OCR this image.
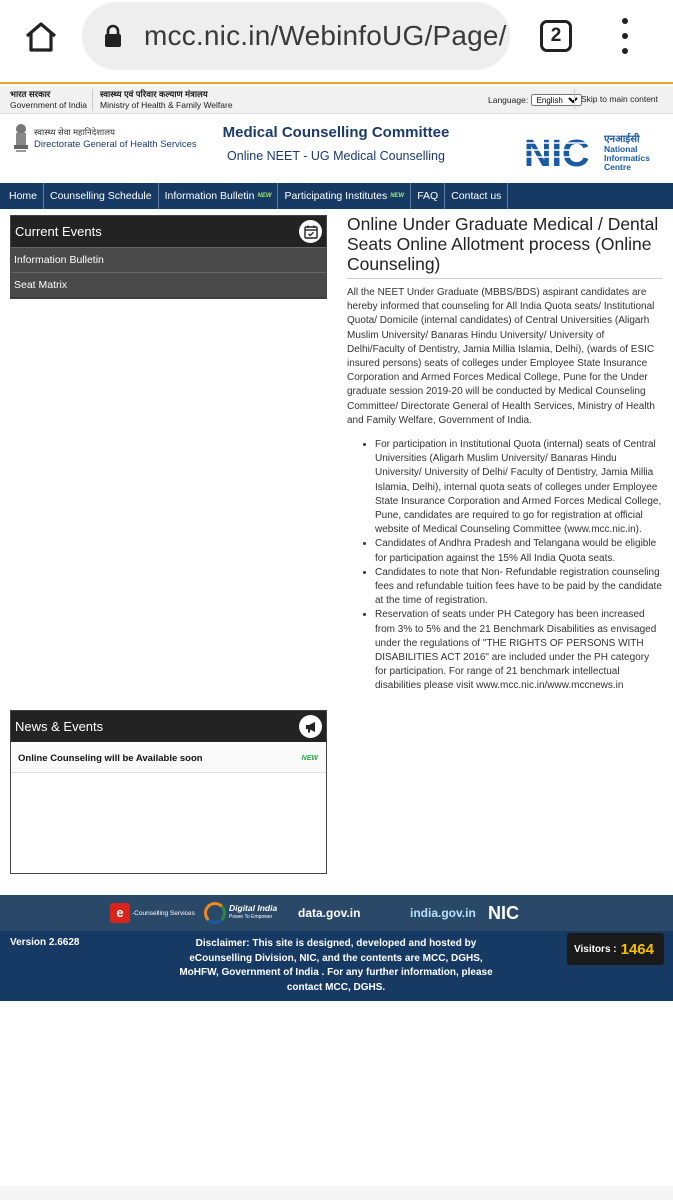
mcc.nic.in/WebinfoUG/Page/	2
भारत सरकार
Government of India
स्वास्थ्य एवं परिवार कल्याण मंत्रालय
Ministry of Health & Family Welfare	Language:
English	Skip to main content
स्वास्थ्य सेवा महानिदेशालय
Directorate General of Health Services
Medical Counselling Committee
Online NEET - UG Medical Counselling	NIC एनआईसी
National
Informatics
Centre
Home	Counselling Schedule	Information Bulletin NEW	Participating Institutes NEW	FAQ	Contact us
Current Events
Information Bulletin
Seat Matrix
Online Under Graduate Medical / Dental Seats Online Allotment process (Online Counseling)

All the NEET Under Graduate (MBBS/BDS) aspirant candidates are hereby informed that counseling for All India Quota seats/ Institutional Quota/ Domicile (internal candidates) of Central Universities (Aligarh Muslim University/ Banaras Hindu University/ University of Delhi/Faculty of Dentistry, Jamia Millia Islamia, Delhi), (wards of ESIC insured persons) seats of colleges under Employee State Insurance Corporation and Armed Forces Medical College, Pune for the Under graduate session 2019-20 will be conducted by Medical Counseling Committee/ Directorate General of Health Services, Ministry of Health and Family Welfare, Government of India.

• For participation in Institutional Quota (internal) seats of Central Universities (Aligarh Muslim University/ Banaras Hindu University/ University of Delhi/ Faculty of Dentistry, Jamia Millia Islamia, Delhi), internal quota seats of colleges under Employee State Insurance Corporation and Armed Forces Medical College, Pune, candidates are required to go for registration at official website of Medical Counseling Committee (www.mcc.nic.in).
• Candidates of Andhra Pradesh and Telangana would be eligible for participation against the 15% All India Quota seats.
• Candidates to note that Non- Refundable registration counseling fees and refundable tuition fees have to be paid by the candidate at the time of registration.
• Reservation of seats under PH Category has been increased from 3% to 5% and the 21 Benchmark Disabilities as envisaged under the regulations of "THE RIGHTS OF PERSONS WITH DISABILITIES ACT 2016" are included under the PH category for participation. For range of 21 benchmark intellectual disabilities please visit www.mcc.nic.in/www.mccnews.in
News & Events
Online Counseling will be Available soon	NEW
e	-Counselling Services	Digital India
Power To Empower	data.gov.in	india.gov.in NIC
Version 2.6628	Disclaimer: This site is designed, developed and hosted by eCounselling Division, NIC, and the contents are MCC, DGHS, MoHFW, Government of India . For any further information, please contact MCC, DGHS.
Visitors : 1464
